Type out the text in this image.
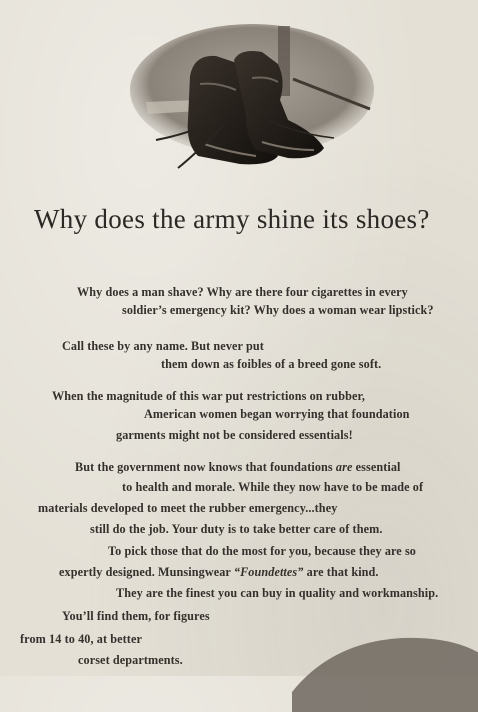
Why does the army shine its shoes?
Why does a man shave? Why are there four cigarettes in every
soldier’s emergency kit? Why does a woman wear lipstick?
Call these by any name. But never put
them down as foibles of a breed gone soft.
When the magnitude of this war put restrictions on rubber,
American women began worrying that foundation
garments might not be considered essentials!
But the government now knows that foundations are essential
to health and morale. While they now have to be made of
materials developed to meet the rubber emergency...they
still do the job. Your duty is to take better care of them.
To pick those that do the most for you, because they are so
expertly designed. Munsingwear “Foundettes” are that kind.
They are the finest you can buy in quality and workmanship.
You’ll find them, for figures
from 14 to 40, at better
corset departments.
